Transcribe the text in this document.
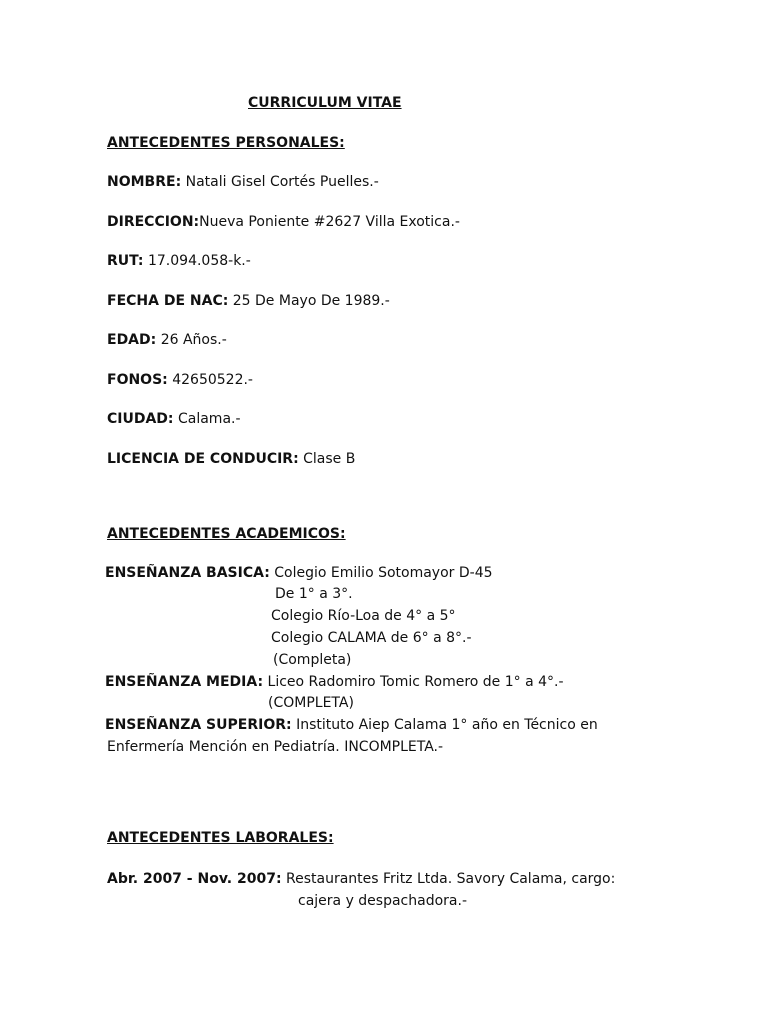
CURRICULUM VITAE
ANTECEDENTES PERSONALES:
NOMBRE: Natali Gisel Cortés Puelles.-
DIRECCION:Nueva Poniente #2627 Villa Exotica.-
RUT: 17.094.058-k.-
FECHA DE NAC: 25 De Mayo De 1989.-
EDAD: 26 Años.-
FONOS: 42650522.-
CIUDAD: Calama.-
LICENCIA DE CONDUCIR: Clase B
ANTECEDENTES ACADEMICOS:
ENSEÑANZA BASICA: Colegio Emilio Sotomayor D-45
De 1° a 3°.
Colegio Río-Loa de 4° a 5°
Colegio CALAMA de 6° a 8°.-
(Completa)
ENSEÑANZA MEDIA: Liceo Radomiro Tomic Romero de 1° a 4°.-
(COMPLETA)
ENSEÑANZA SUPERIOR: Instituto Aiep Calama 1° año en Técnico en
Enfermería Mención en Pediatría. INCOMPLETA.-
ANTECEDENTES LABORALES:
Abr. 2007 - Nov. 2007: Restaurantes Fritz Ltda. Savory Calama, cargo:
cajera y despachadora.-
